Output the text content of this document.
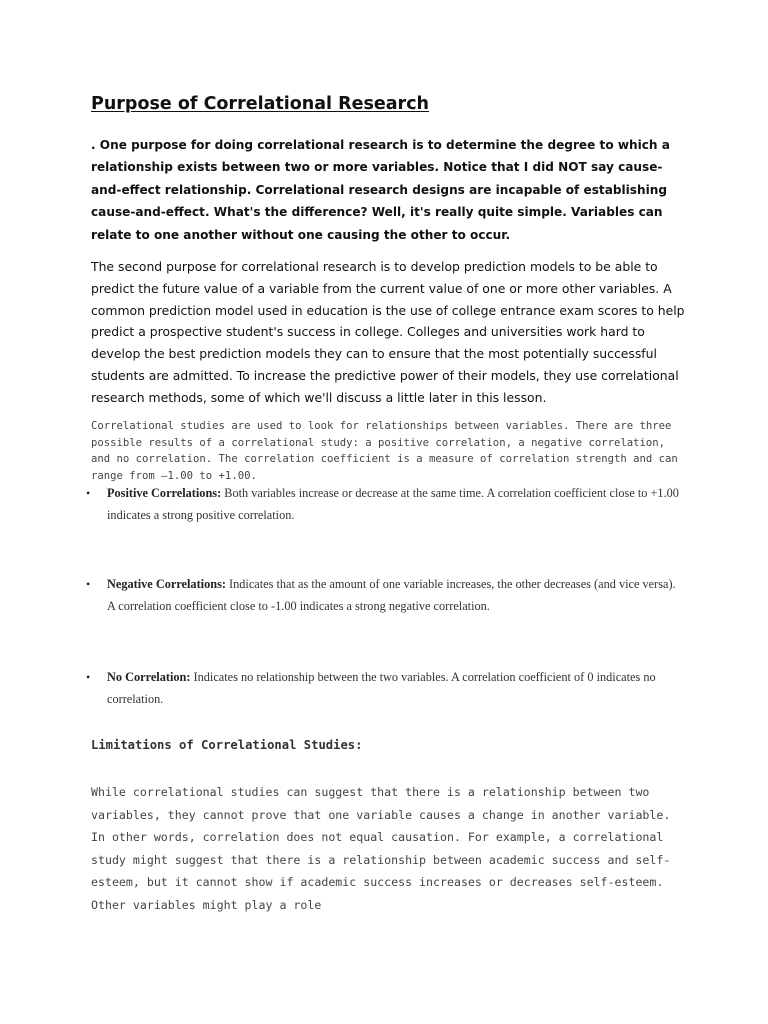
Purpose of Correlational Research

. One purpose for doing correlational research is to determine the degree to which a relationship exists between two or more variables. Notice that I did NOT say cause-and-effect relationship. Correlational research designs are incapable of establishing cause-and-effect. What's the difference? Well, it's really quite simple. Variables can relate to one another without one causing the other to occur.

The second purpose for correlational research is to develop prediction models to be able to predict the future value of a variable from the current value of one or more other variables. A common prediction model used in education is the use of college entrance exam scores to help predict a prospective student's success in college. Colleges and universities work hard to develop the best prediction models they can to ensure that the most potentially successful students are admitted. To increase the predictive power of their models, they use correlational research methods, some of which we'll discuss a little later in this lesson.

Correlational studies are used to look for relationships between variables. There are three possible results of a correlational study: a positive correlation, a negative correlation, and no correlation. The correlation coefficient is a measure of correlation strength and can range from –1.00 to +1.00.

• Positive Correlations: Both variables increase or decrease at the same time. A correlation coefficient close to +1.00 indicates a strong positive correlation.
• Negative Correlations: Indicates that as the amount of one variable increases, the other decreases (and vice versa). A correlation coefficient close to -1.00 indicates a strong negative correlation.
• No Correlation: Indicates no relationship between the two variables. A correlation coefficient of 0 indicates no correlation.
Limitations of Correlational Studies:

While correlational studies can suggest that there is a relationship between two variables, they cannot prove that one variable causes a change in another variable. In other words, correlation does not equal causation. For example, a correlational study might suggest that there is a relationship between academic success and self-esteem, but it cannot show if academic success increases or decreases self-esteem. Other variables might play a role
